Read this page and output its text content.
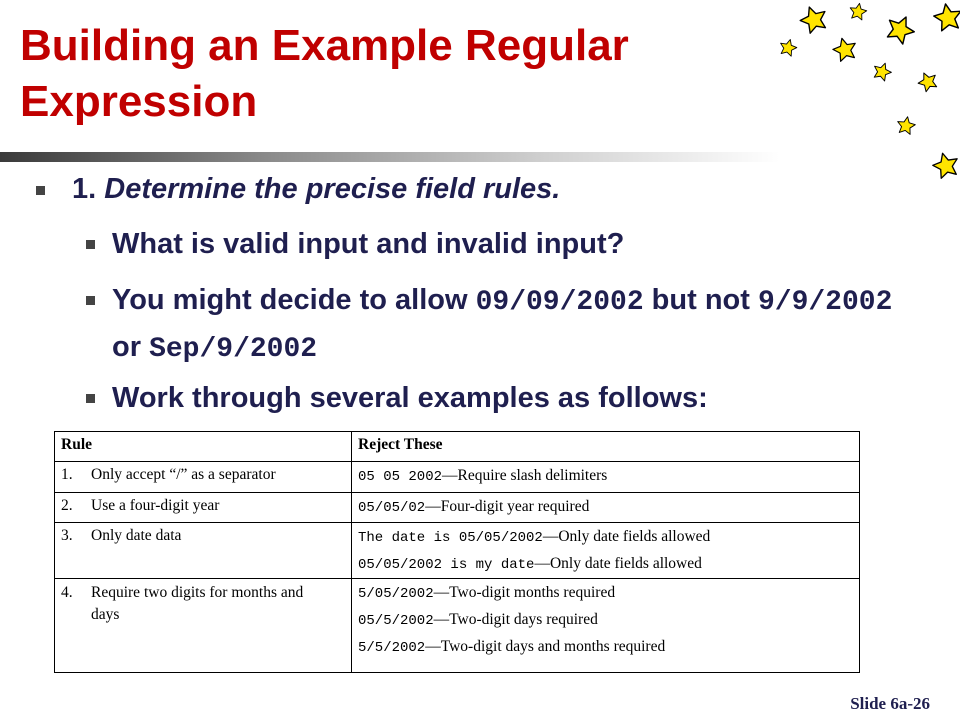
Building an Example Regular Expression
1. Determine the precise field rules.
What is valid input and invalid input?
You might decide to allow 09/09/2002 but not 9/9/2002 or Sep/9/2002
Work through several examples as follows:
Rule	Reject These
1. Only accept “/” as a separator	05 05 2002—Require slash delimiters

2. Use a four-digit year	05/05/02—Four-digit year required

3. Only date data	The date is 05/05/2002—Only date fields allowed
05/05/2002 is my date—Only date fields allowed

4. Require two digits for months and days	5/05/2002—Two-digit months required
05/5/2002—Two-digit days required
5/5/2002—Two-digit days and months required

Slide 6a-26
